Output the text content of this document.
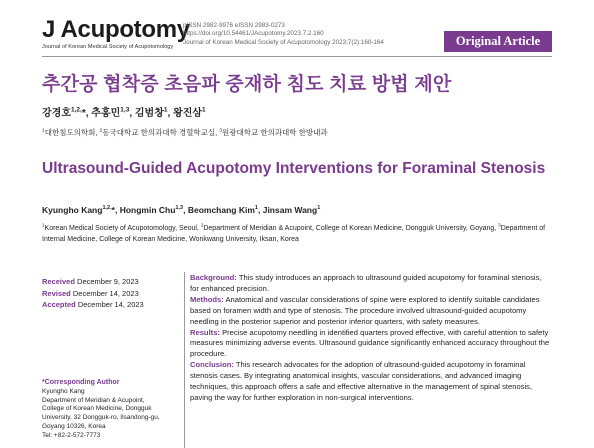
J Acupotomy
Journal of Korean Medical Society of Acupotomology
pISSN 2982-9976 eISSN 2983-0273
https://doi.org/10.54461/JAcupotomy.2023.7.2.160
Journal of Korean Medical Society of Acupotomology 2023;7(2):160-164	Original Article
추간공 협착증 초음파 중재하 침도 치료 방법 제안
강경호$^{1,2,}$*, 추홍민$^{1,3}$, 김범창$^1$, 왕진삼$^1$
$^1$대한침도의학회, $^2$동국대학교 한의과대학 경혈학교실, $^3$원광대학교 한의과대학 한방내과
Ultrasound-Guided Acupotomy Interventions for Foraminal Stenosis
Kyungho Kang$^{1,2,}$*, Hongmin Chu$^{1,3}$, Beomchang Kim$^1$, Jinsam Wang$^1$
$^1$Korean Medical Society of Acupotomology, Seoul, $^2$Department of Meridian & Acupoint, College of Korean Medicine, Dongguk University, Goyang, $^3$Department of Internal Medicine, College of Korean Medicine, Wonkwang University, Iksan, Korea
Received December 9, 2023
Revised December 14, 2023
Accepted December 14, 2023
*Corresponding Author
Kyungho Kang
Department of Meridian & Acupoint,
College of Korean Medicine, Dongguk
University, 32 Dongguk-ro, Ilsandong-gu,
Goyang 10326, Korea
Tel: +82-2-572-7773

Background: This study introduces an approach to ultrasound guided acupotomy for foraminal stenosis, for enhanced precision.

Methods: Anatomical and vascular considerations of spine were explored to identify suitable candidates based on foramen width and type of stenosis. The procedure involved ultrasound-guided acupotomy needling in the posterior superior and posterior inferior quarters, with safety measures.

Results: Precise acupotomy needling in identified quarters proved effective, with careful attention to safety measures minimizing adverse events. Ultrasound guidance significantly enhanced accuracy throughout the procedure.

Conclusion: This research advocates for the adoption of ultrasound-guided acupotomy in foraminal stenosis cases. By integrating anatomical insights, vascular considerations, and advanced imaging techniques, this approach offers a safe and effective alternative in the management of spinal stenosis, paving the way for further exploration in non-surgical interventions.
